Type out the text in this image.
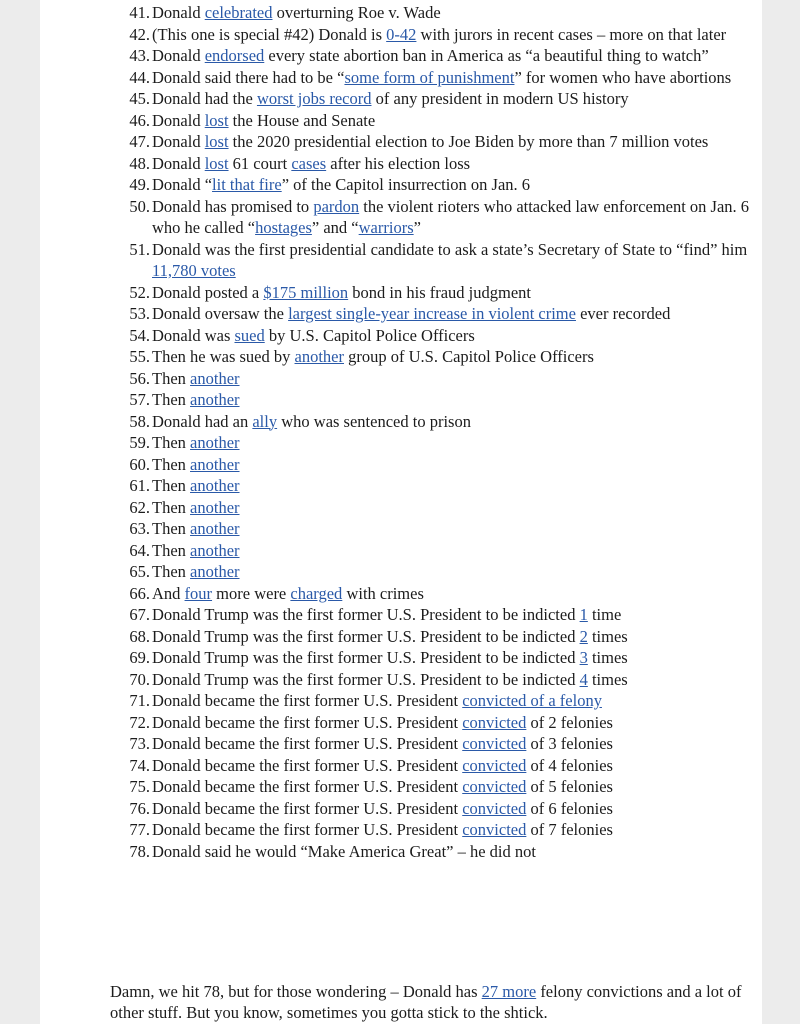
41 . Donald celebrated overturning Roe v. Wade
42 . (This one is special #42) Donald is 0-42 with jurors in recent cases – more on that later
43 . Donald endorsed every state abortion ban in America as “a beautiful thing to watch”
44 . Donald said there had to be “some form of punishment” for women who have abortions
45 . Donald had the worst jobs record of any president in modern US history
46 . Donald lost the House and Senate
47 . Donald lost the 2020 presidential election to Joe Biden by more than 7 million votes
48 . Donald lost 61 court cases after his election loss
49 . Donald “lit that fire” of the Capitol insurrection on Jan. 6
50 . Donald has promised to pardon the violent rioters who attacked law enforcement on Jan. 6 who he called “hostages” and “warriors”
51 . Donald was the first presidential candidate to ask a state’s Secretary of State to “find” him 11,780 votes
52 . Donald posted a $175 million bond in his fraud judgment
53 . Donald oversaw the largest single-year increase in violent crime ever recorded
54 . Donald was sued by U.S. Capitol Police Officers
55 . Then he was sued by another group of U.S. Capitol Police Officers
56 . Then another
57 . Then another
58 . Donald had an ally who was sentenced to prison
59 . Then another
60 . Then another
61 . Then another
62 . Then another
63 . Then another
64 . Then another
65 . Then another
66 . And four more were charged with crimes
67 . Donald Trump was the first former U.S. President to be indicted 1 time
68 . Donald Trump was the first former U.S. President to be indicted 2 times
69 . Donald Trump was the first former U.S. President to be indicted 3 times
70 . Donald Trump was the first former U.S. President to be indicted 4 times
71 . Donald became the first former U.S. President convicted of a felony
72 . Donald became the first former U.S. President convicted of 2 felonies
73 . Donald became the first former U.S. President convicted of 3 felonies
74 . Donald became the first former U.S. President convicted of 4 felonies
75 . Donald became the first former U.S. President convicted of 5 felonies
76 . Donald became the first former U.S. President convicted of 6 felonies
77 . Donald became the first former U.S. President convicted of 7 felonies
78 . Donald said he would “Make America Great” – he did not

Damn, we hit 78, but for those wondering – Donald has 27 more felony convictions and a lot of other stuff. But you know, sometimes you gotta stick to the shtick.
